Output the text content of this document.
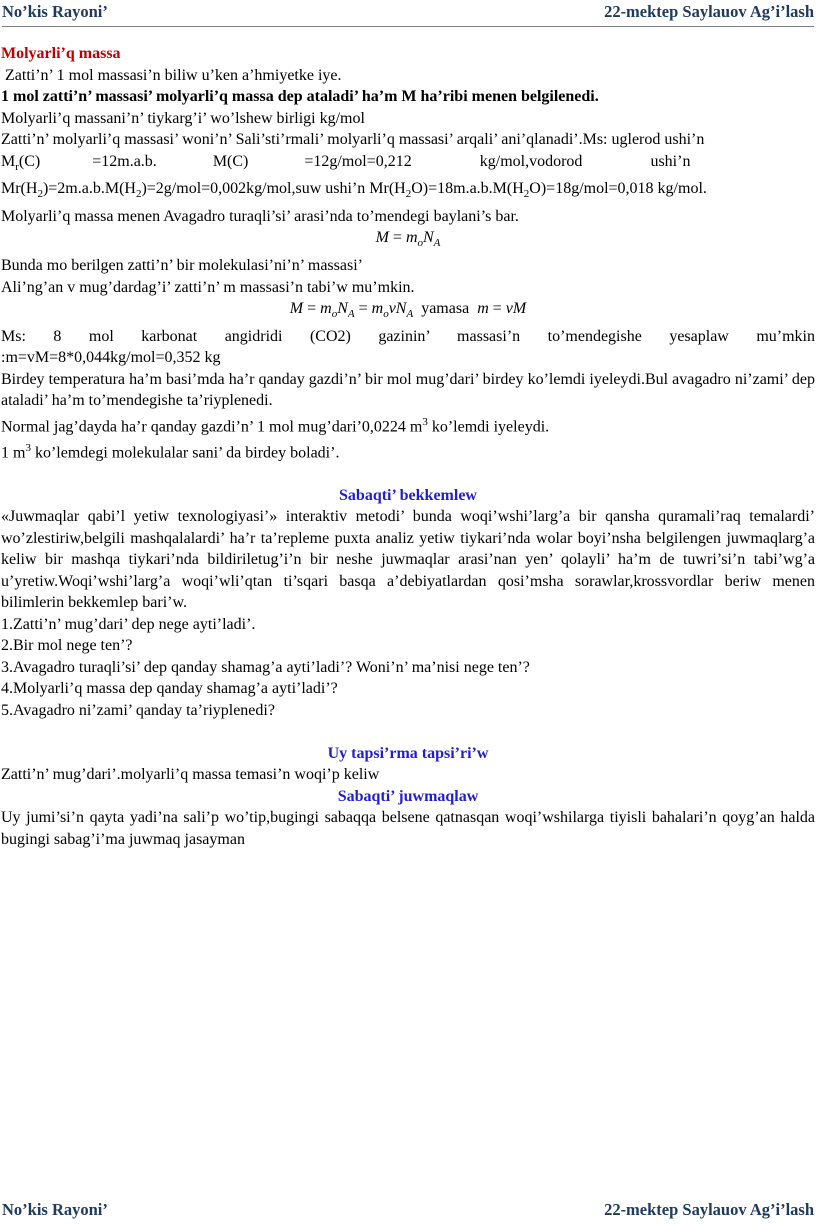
No’kis Rayoni’	22-mektep Saylauov Ag’i’lash

Molyarli’q massa

Zatti’n’ 1 mol massasi’n biliw u’ken a’hmiyetke iye.

1 mol zatti’n’ massasi’ molyarli’q massa dep ataladi’ ha’m M ha’ribi menen belgilenedi.

Molyarli’q massani’n’ tiykarg’i’ wo’lshew birligi kg/mol

Zatti’n’ molyarli’q massasi’ woni’n’ Sali’sti’rmali’ molyarli’q massasi’ arqali’ ani’qlanadi’.Ms: uglerod ushi’n

$M_r(C)$	=12m.a.b.	M(C)	=12g/mol=0,212	kg/mol,vodorod	ushi’n

$Mr(H_2)=2m.a.b.M(H_2)=2g/mol=0,002kg/mol,suw$ ushi’n $Mr(H_2O)=18m.a.b.M(H_2O)=18g/mol=0,018$ kg/mol.

Molyarli’q massa menen Avagadro turaqli’si’ arasi’nda to’mendegi baylani’s bar.

$M = m_oN_A$

Bunda mo berilgen zatti’n’ bir molekulasi’ni’n’ massasi’

Ali’ng’an v mug’dardag’i’ zatti’n’ m massasi’n tabi’w mu’mkin.

$M = m_oN_A = m_ovN_A$ yamasa  m = vM

Ms: 8 mol karbonat angidridi (CO2) gazinin’ massasi’n to’mendegishe yesaplaw mu’mkin

:m=vM=8*0,044kg/mol=0,352 kg

Birdey temperatura ha’m basi’mda ha’r qanday gazdi’n’ bir mol mug’dari’ birdey ko’lemdi iyeleydi.Bul avagadro ni’zami’ dep ataladi’ ha’m to’mendegishe ta’riyplenedi.

Normal jag’dayda ha’r qanday gazdi’n’ 1 mol mug’dari’0,0224 $m^3$ ko’lemdi iyeleydi.

1 $m^3$ ko’lemdegi molekulalar sani’ da birdey boladi’.

Sabaqti’ bekkemlew

«Juwmaqlar qabi’l yetiw texnologiyasi’» interaktiv metodi’ bunda woqi’wshi’larg’a bir qansha quramali’raq temalardi’ wo’zlestiriw,belgili mashqalalardi’ ha’r ta’repleme puxta analiz yetiw tiykari’nda wolar boyi’nsha belgilengen juwmaqlarg’a keliw bir mashqa tiykari’nda bildiriletug’i’n bir neshe juwmaqlar arasi’nan yen’ qolayli’ ha’m de tuwri’si’n tabi’wg’a u’yretiw.Woqi’wshi’larg’a woqi’wli’qtan ti’sqari basqa a’debiyatlardan qosi’msha sorawlar,krossvordlar beriw menen bilimlerin bekkemlep bari’w.

1.Zatti’n’ mug’dari’ dep nege ayti’ladi’.

2.Bir mol nege ten’?

3.Avagadro turaqli’si’ dep qanday shamag’a ayti’ladi’? Woni’n’ ma’nisi nege ten’?

4.Molyarli’q massa dep qanday shamag’a ayti’ladi’?

5.Avagadro ni’zami’ qanday ta’riyplenedi?

Uy tapsi’rma tapsi’ri’w

Zatti’n’ mug’dari’.molyarli’q massa temasi’n woqi’p keliw

Sabaqti’ juwmaqlaw

Uy jumi’si’n qayta yadi’na sali’p wo’tip,bugingi sabaqqa belsene qatnasqan woqi’wshilarga tiyisli bahalari’n qoyg’an halda bugingi sabag’i’ma juwmaq jasayman

No’kis Rayoni’	22-mektep Saylauov Ag’i’lash
